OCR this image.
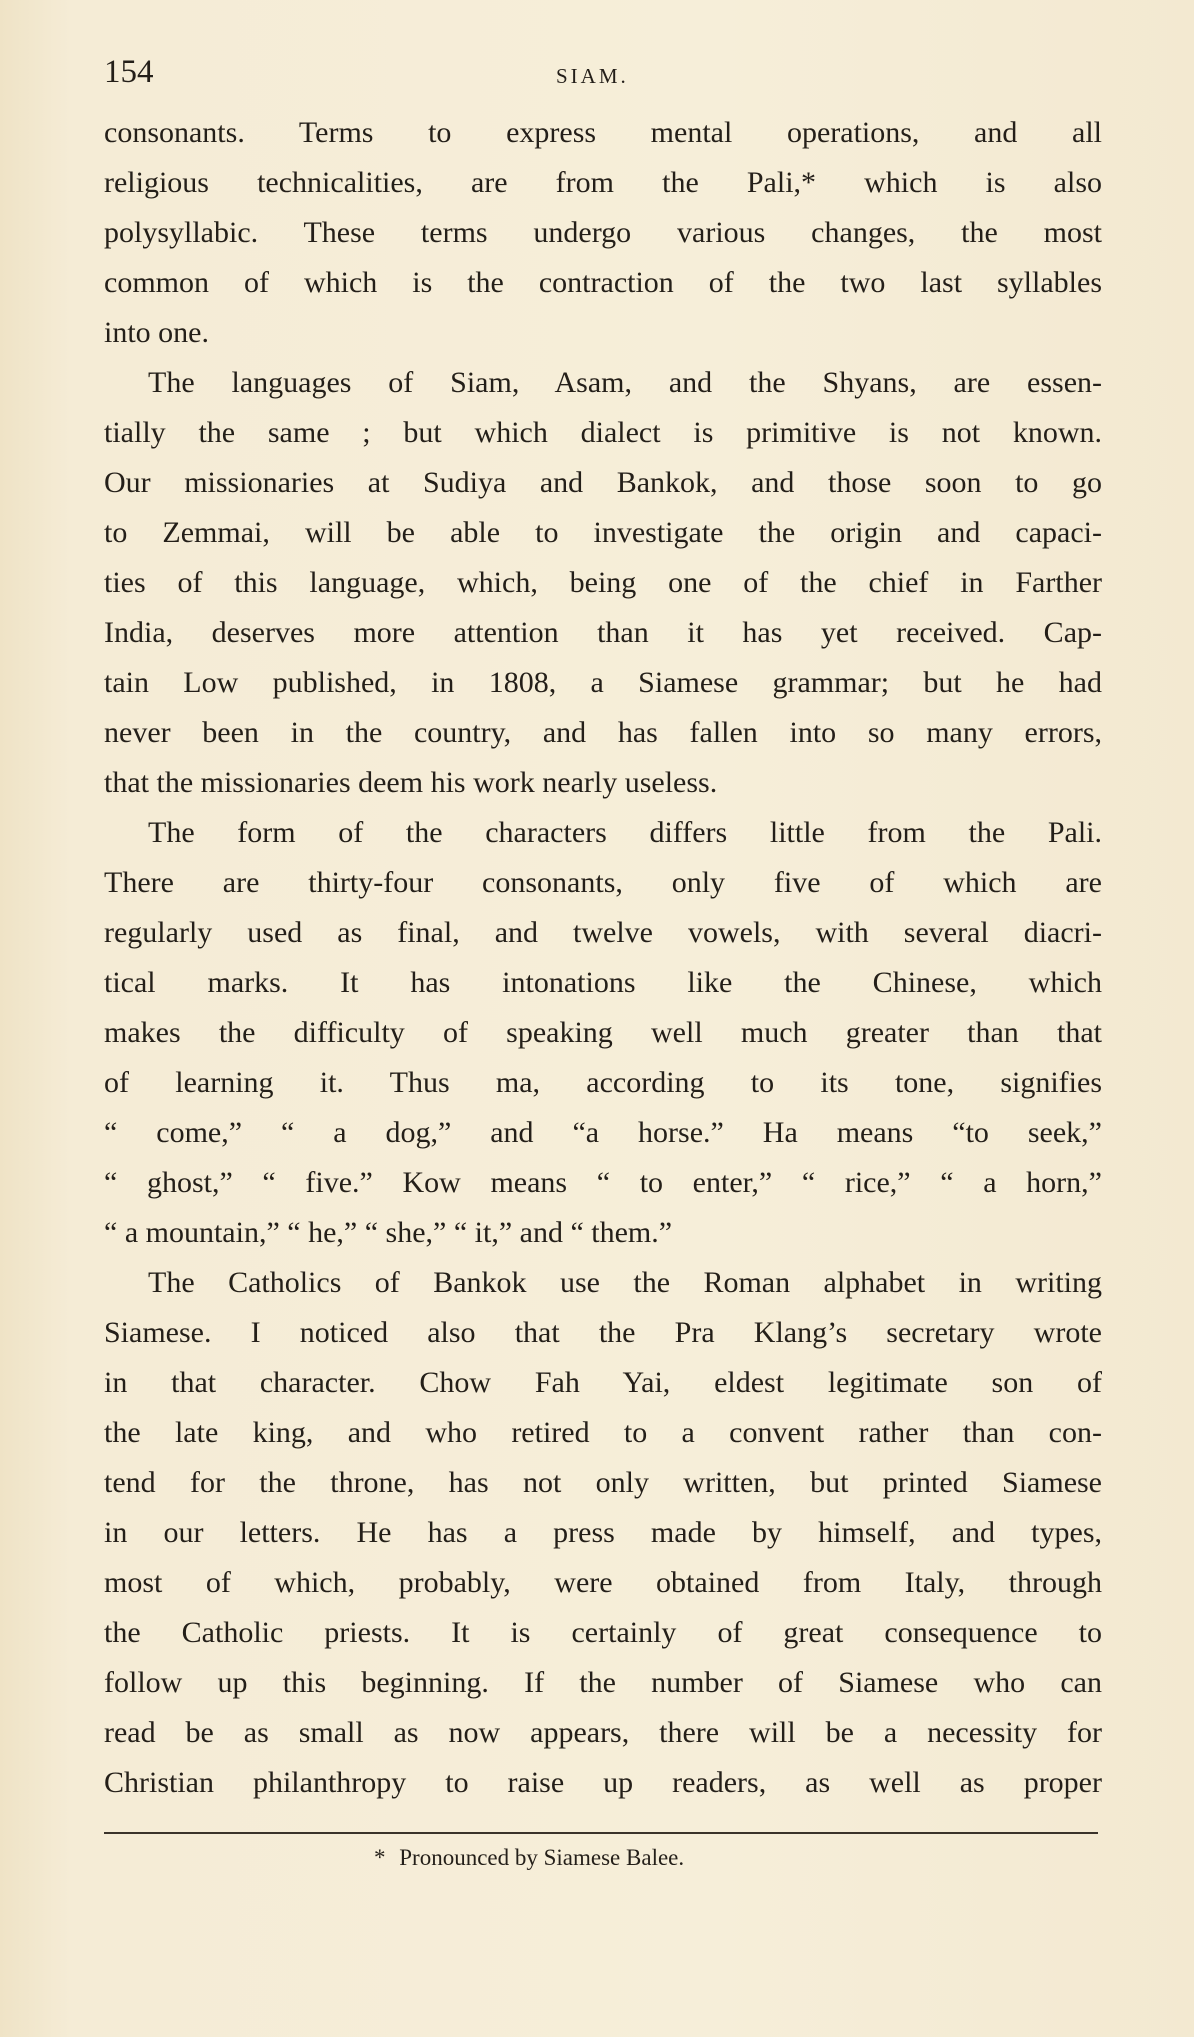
154	SIAM.
consonants. Terms to express mental operations, and all
religious technicalities, are from the Pali,* which is also
polysyllabic. These terms undergo various changes, the most
common of which is the contraction of the two last syllables
into one.
The languages of Siam, Asam, and the Shyans, are essen-
tially the same ; but which dialect is primitive is not known.
Our missionaries at Sudiya and Bankok, and those soon to go
to Zemmai, will be able to investigate the origin and capaci-
ties of this language, which, being one of the chief in Farther
India, deserves more attention than it has yet received. Cap-
tain Low published, in 1808, a Siamese grammar; but he had
never been in the country, and has fallen into so many errors,
that the missionaries deem his work nearly useless.
The form of the characters differs little from the Pali.
There are thirty-four consonants, only five of which are
regularly used as final, and twelve vowels, with several diacri-
tical marks. It has intonations like the Chinese, which
makes the difficulty of speaking well much greater than that
of learning it. Thus ma, according to its tone, signifies
“ come,” “ a dog,” and “a horse.” Ha means “to seek,”
“ ghost,” “ five.” Kow means “ to enter,” “ rice,” “ a horn,”
“ a mountain,” “ he,” “ she,” “ it,” and “ them.”
The Catholics of Bankok use the Roman alphabet in writing
Siamese. I noticed also that the Pra Klang’s secretary wrote
in that character. Chow Fah Yai, eldest legitimate son of
the late king, and who retired to a convent rather than con-
tend for the throne, has not only written, but printed Siamese
in our letters. He has a press made by himself, and types,
most of which, probably, were obtained from Italy, through
the Catholic priests. It is certainly of great consequence to
follow up this beginning. If the number of Siamese who can
read be as small as now appears, there will be a necessity for
Christian philanthropy to raise up readers, as well as proper
* Pronounced by Siamese Balee.
